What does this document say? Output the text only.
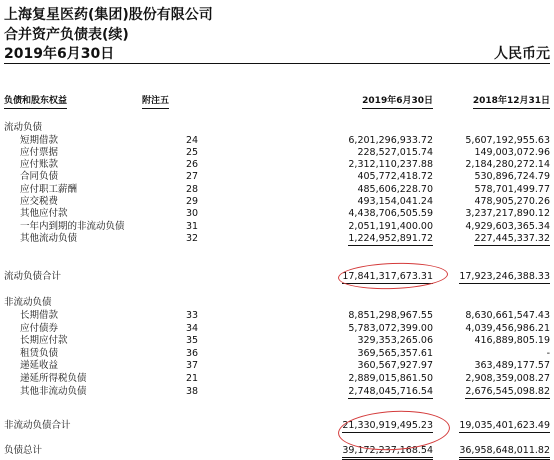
上海复星医药(集团)股份有限公司
合并资产负债表(续)
2019年6月30日	人民币元
负债和股东权益	附注五	2019年6月30日	2018年12月31日
流动负债
短期借款	24	6,201,296,933.72	5,607,192,955.63
应付票据	25	228,527,015.74	149,003,072.96
应付账款	26	2,312,110,237.88	2,184,280,272.14
合同负债	27	405,772,418.72	530,896,724.79
应付职工薪酬	28	485,606,228.70	578,701,499.77
应交税费	29	493,154,041.24	478,905,270.26
其他应付款	30	4,438,706,505.59	3,237,217,890.12
一年内到期的非流动负债	31	2,051,191,400.00	4,929,603,365.34
其他流动负债	32	1,224,952,891.72	227,445,337.32
流动负债合计	17,841,317,673.31	17,923,246,388.33
非流动负债
长期借款	33	8,851,298,967.55	8,630,661,547.43
应付债券	34	5,783,072,399.00	4,039,456,986.21
长期应付款	35	329,353,265.06	416,889,805.19
租赁负债	36	369,565,357.61	-
递延收益	37	360,567,927.97	363,489,177.57
递延所得税负债	21	2,889,015,861.50	2,908,359,008.27
其他非流动负债	38	2,748,045,716.54	2,676,545,098.82
非流动负债合计	21,330,919,495.23	19,035,401,623.49
负债总计	39,172,237,168.54	36,958,648,011.82
